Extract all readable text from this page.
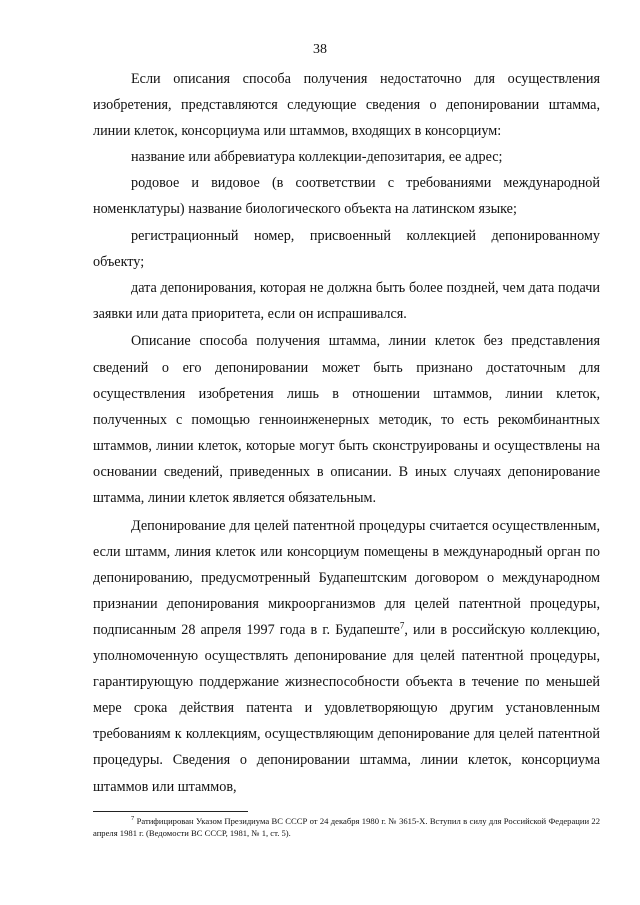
38

Если описания способа получения недостаточно для осуществления изобретения, представляются следующие сведения о депонировании штамма, линии клеток, консорциума или штаммов, входящих в консорциум:

название или аббревиатура коллекции-депозитария, ее адрес;

родовое и видовое (в соответствии с требованиями международной номенклатуры) название биологического объекта на латинском языке;

регистрационный номер, присвоенный коллекцией депонированному объекту;

дата депонирования, которая не должна быть более поздней, чем дата подачи заявки или дата приоритета, если он испрашивался.

Описание способа получения штамма, линии клеток без представления сведений о его депонировании может быть признано достаточным для осуществления изобретения лишь в отношении штаммов, линии клеток, полученных с помощью генноинженерных методик, то есть рекомбинантных штаммов, линии клеток, которые могут быть сконструированы и осуществлены на основании сведений, приведенных в описании. В иных случаях депонирование штамма, линии клеток является обязательным.

Депонирование для целей патентной процедуры считается осуществленным, если штамм, линия клеток или консорциум помещены в международный орган по депонированию, предусмотренный Будапештским договором о международном признании депонирования микроорганизмов для целей патентной процедуры, подписанным 28 апреля 1997 года в г. Будапеште$^7$, или в российскую коллекцию, уполномоченную осуществлять депонирование для целей патентной процедуры, гарантирующую поддержание жизнеспособности объекта в течение по меньшей мере срока действия патента и удовлетворяющую другим установленным требованиям к коллекциям, осуществляющим депонирование для целей патентной процедуры. Сведения о депонировании штамма, линии клеток, консорциума штаммов или штаммов,

$^7$ Ратифицирован Указом Президиума ВС СССР от 24 декабря 1980 г. № 3615-Х. Вступил в силу для Российской Федерации 22 апреля 1981 г. (Ведомости ВС СССР, 1981, № 1, ст. 5).
